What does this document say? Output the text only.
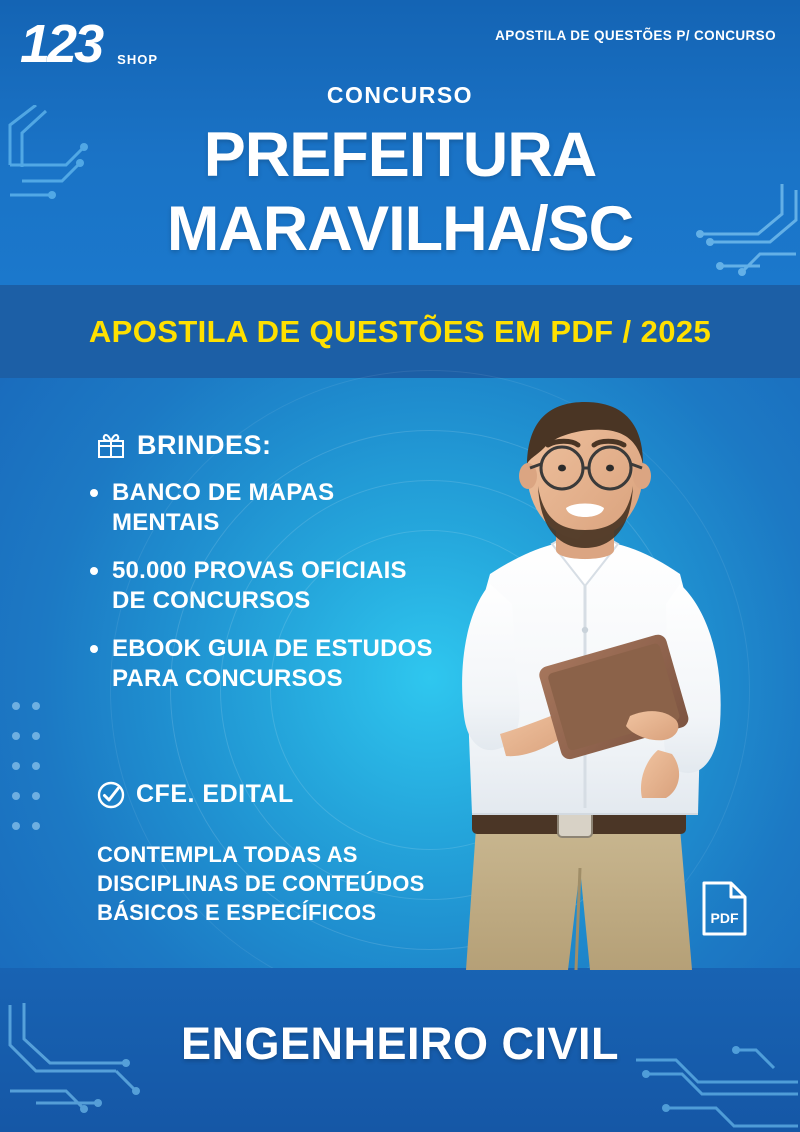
123 SHOP
APOSTILA DE QUESTÕES P/ CONCURSO
CONCURSO
PREFEITURA
MARAVILHA/SC
APOSTILA DE QUESTÕES EM PDF / 2025
BRINDES:
BANCO DE MAPAS MENTAIS
50.000 PROVAS OFICIAIS DE CONCURSOS
EBOOK GUIA DE ESTUDOS PARA CONCURSOS
CFE. EDITAL
CONTEMPLA TODAS AS DISCIPLINAS DE CONTEÚDOS BÁSICOS E ESPECÍFICOS	PDF
ENGENHEIRO CIVIL
